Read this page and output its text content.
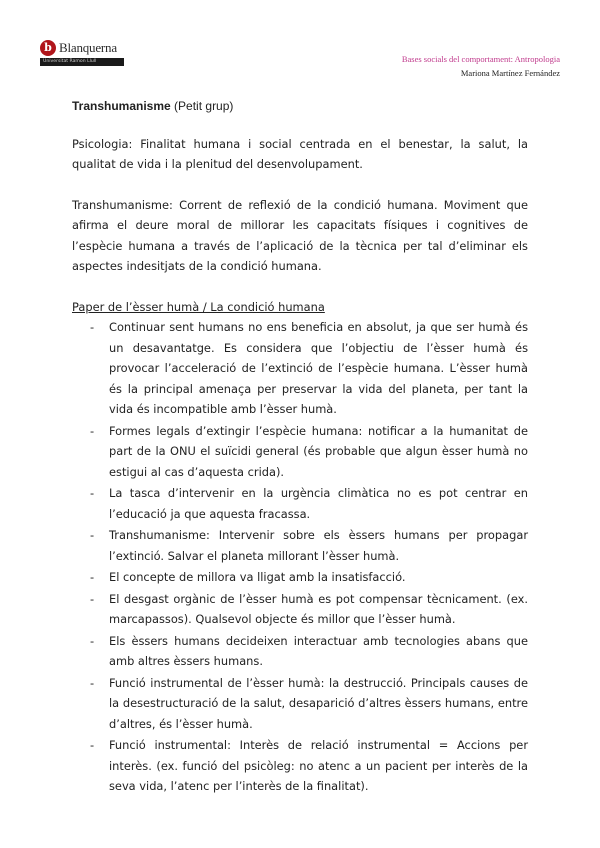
b Blanquerna
Universitat Ramon Llull	Bases socials del comportament: Antropologia
Mariona Martínez Fernández
Transhumanisme (Petit grup)

Psicologia: Finalitat humana i social centrada en el benestar, la salut, la qualitat de vida i la plenitud del desenvolupament.

Transhumanisme: Corrent de reflexió de la condició humana. Moviment que afirma el deure moral de millorar les capacitats físiques i cognitives de l’espècie humana a través de l’aplicació de la tècnica per tal d’eliminar els aspectes indesitjats de la condició humana.

Paper de l’èsser humà / La condició humana
- Continuar sent humans no ens beneficia en absolut, ja que ser humà és un desavantatge. Es considera que l’objectiu de l’èsser humà és provocar l’acceleració de l’extinció de l’espècie humana. L’èsser humà és la principal amenaça per preservar la vida del planeta, per tant la vida és incompatible amb l’èsser humà.
- Formes legals d’extingir l’espècie humana: notificar a la humanitat de part de la ONU el suïcidi general (és probable que algun èsser humà no estigui al cas d’aquesta crida).
- La tasca d’intervenir en la urgència climàtica no es pot centrar en l’educació ja que aquesta fracassa.
- Transhumanisme: Intervenir sobre els èssers humans per propagar l’extinció. Salvar el planeta millorant l’èsser humà.
- El concepte de millora va lligat amb la insatisfacció.
- El desgast orgànic de l’èsser humà es pot compensar tècnicament. (ex. marcapassos). Qualsevol objecte és millor que l’èsser humà.
- Els èssers humans decideixen interactuar amb tecnologies abans que amb altres èssers humans.
- Funció instrumental de l’èsser humà: la destrucció. Principals causes de la desestructuració de la salut, desaparició d’altres èssers humans, entre d’altres, és l’èsser humà.
- Funció instrumental: Interès de relació instrumental = Accions per interès. (ex. funció del psicòleg: no atenc a un pacient per interès de la seva vida, l’atenc per l’interès de la finalitat).
